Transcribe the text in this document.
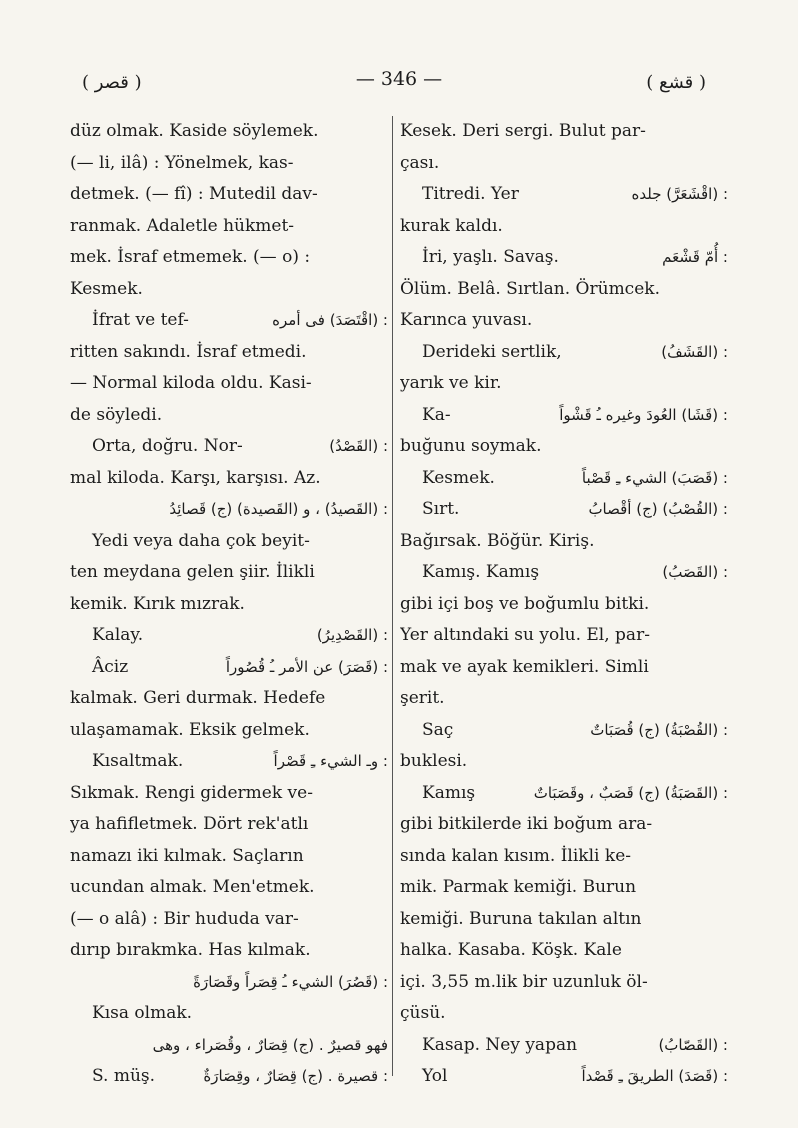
( قصر )	— 346 —	( قشع )
düz olmak. Kaside söylemek.
(— li, ilâ) : Yönelmek, kas-
detmek. (— fî) : Mutedil dav-
ranmak. Adaletle hükmet-
mek. İsraf etmemek. (— o) :
Kesmek.
İfrat ve tef-	: (اقْتَصَدَ) فى أمره
ritten sakındı. İsraf etmedi.
— Normal kiloda oldu. Kasi-
de söyledi.
Orta, doğru. Nor-	: (القَصْدُ)
mal kiloda. Karşı, karşısı. Az.
: (القَصيدُ) ، و (القَصيدة) (ج) قَصائِدُ
Yedi veya daha çok beyit-
ten meydana gelen şiir. İlikli
kemik. Kırık mızrak.
Kalay.	: (القَصْدِيرُ)
Âciz	: (قَصَرَ) عن الأمر ـُ قُصُوراً
kalmak. Geri durmak. Hedefe
ulaşamamak. Eksik gelmek.
Kısaltmak.	: وـ الشيء ـِ قَصْراً
Sıkmak. Rengi gidermek ve-
ya hafifletmek. Dört rek'atlı
namazı iki kılmak. Saçların
ucundan almak. Men'etmek.
(— o alâ) : Bir hududa var-
dırıp bırakmka. Has kılmak.
: (قَصُرَ) الشيء ـُ قِصَراً وقَصَارَةً
Kısa olmak.
فهو قصيرٌ . (ج) قِصَارٌ ، وقُصَراء ، وهى
S. müş.	: قصيرة . (ج) قِصَارٌ ، وقِصَارَةٌ
Kesek. Deri sergi. Bulut par-
çası.
Titredi. Yer	: (اقْشَعَرَّ) جلده
kurak kaldı.
İri, yaşlı. Savaş.	: أُمّ قَشْعَم
Ölüm. Belâ. Sırtlan. Örümcek.
Karınca yuvası.
Derideki sertlik,	: (القَشَفُ)
yarık ve kir.
Ka-	: (قَشَا) العُودَ وغيره ـُ قَشْواً
buğunu soymak.
Kesmek.	: (قَصَبَ) الشيء ـِ قَصْباً
Sırt.	: (القُصْبُ) (ج) أقْصابُ
Bağırsak. Böğür. Kiriş.
Kamış. Kamış	: (القَصَبُ)
gibi içi boş ve boğumlu bitki.
Yer altındaki su yolu. El, par-
mak ve ayak kemikleri. Simli
şerit.
Saç	: (القُصْبَةُ) (ج) قُصَبَاتٌ
buklesi.
Kamış	: (القَصَبَةُ) (ج) قَصَبٌ ، وقَصَبَاتٌ
gibi bitkilerde iki boğum ara-
sında kalan kısım. İlikli ke-
mik. Parmak kemiği. Burun
kemiği. Buruna takılan altın
halka. Kasaba. Köşk. Kale
içi. 3,55 m.lik bir uzunluk öl-
çüsü.
Kasap. Ney yapan	: (القَصّابُ)
Yol	: (قَصَدَ) الطريقَ ـِ قَصْداً
